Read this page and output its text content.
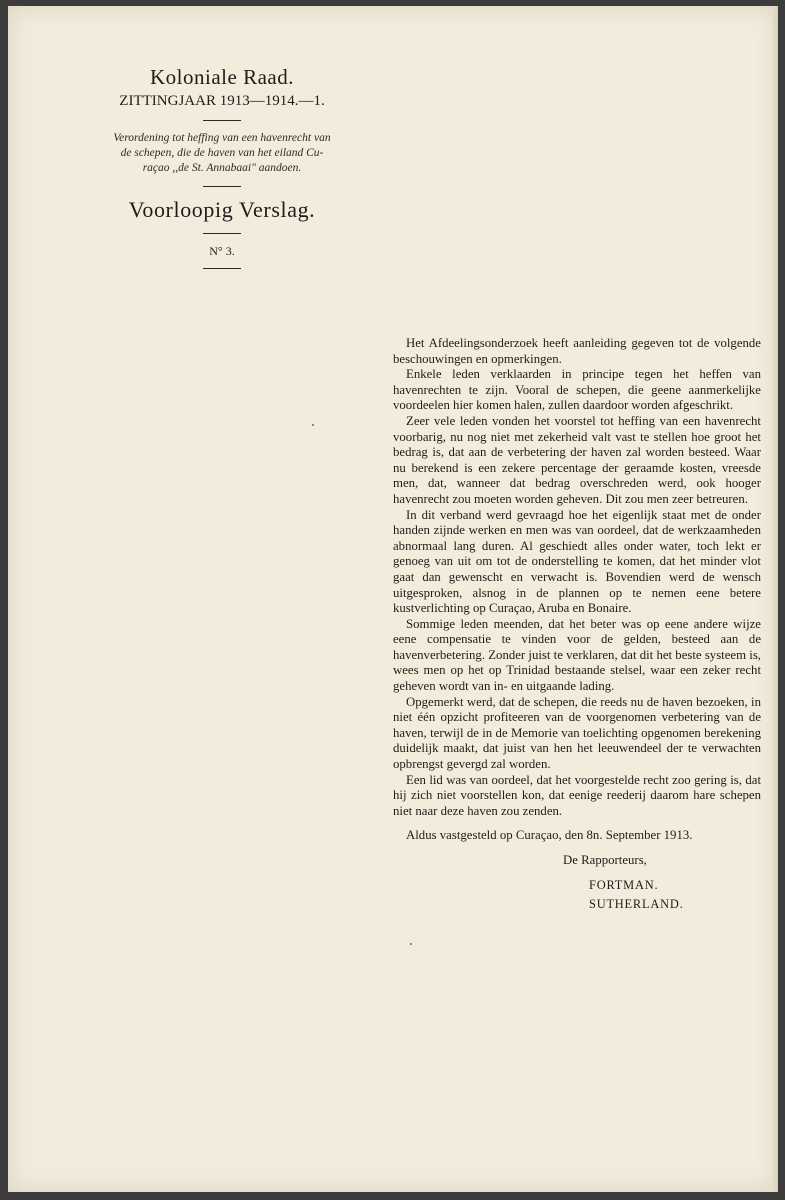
Koloniale Raad.

ZITTINGJAAR 1913—1914.—1.

Verordening tot heffing van een havenrecht van

de schepen, die de haven van het eiland Cu-

raçao ,,de St. Annabaai" aandoen.

Voorloopig Verslag.

N° 3.

Het Afdeelingsonderzoek heeft aanleiding gegeven tot de volgende beschouwingen en opmerkingen.

Enkele leden verklaarden in principe tegen het heffen van havenrechten te zijn. Vooral de schepen, die geene aanmerkelijke voordeelen hier komen halen, zullen daardoor worden afgeschrikt.

Zeer vele leden vonden het voorstel tot heffing van een havenrecht voorbarig, nu nog niet met zekerheid valt vast te stellen hoe groot het bedrag is, dat aan de verbetering der haven zal worden besteed. Waar nu berekend is een zekere percentage der geraamde kosten, vreesde men, dat, wanneer dat bedrag overschreden werd, ook hooger havenrecht zou moeten worden geheven. Dit zou men zeer betreuren.

In dit verband werd gevraagd hoe het eigenlijk staat met de onder handen zijnde werken en men was van oordeel, dat de werkzaamheden abnormaal lang duren. Al geschiedt alles onder water, toch lekt er genoeg van uit om tot de onderstelling te komen, dat het minder vlot gaat dan gewenscht en verwacht is. Bovendien werd de wensch uitgesproken, alsnog in de plannen op te nemen eene betere kustverlichting op Curaçao, Aruba en Bonaire.

Sommige leden meenden, dat het beter was op eene andere wijze eene compensatie te vinden voor de gelden, besteed aan de havenverbetering. Zonder juist te verklaren, dat dit het beste systeem is, wees men op het op Trinidad bestaande stelsel, waar een zeker recht geheven wordt van in- en uitgaande lading.

Opgemerkt werd, dat de schepen, die reeds nu de haven bezoeken, in niet één opzicht profiteeren van de voorgenomen verbetering van de haven, terwijl de in de Memorie van toelichting opgenomen berekening duidelijk maakt, dat juist van hen het leeuwendeel der te verwachten opbrengst gevergd zal worden.

Een lid was van oordeel, dat het voorgestelde recht zoo gering is, dat hij zich niet voorstellen kon, dat eenige reederij daarom hare schepen niet naar deze haven zou zenden.

Aldus vastgesteld op Curaçao, den 8n. September 1913.

De Rapporteurs,

FORTMAN.

SUTHERLAND.
